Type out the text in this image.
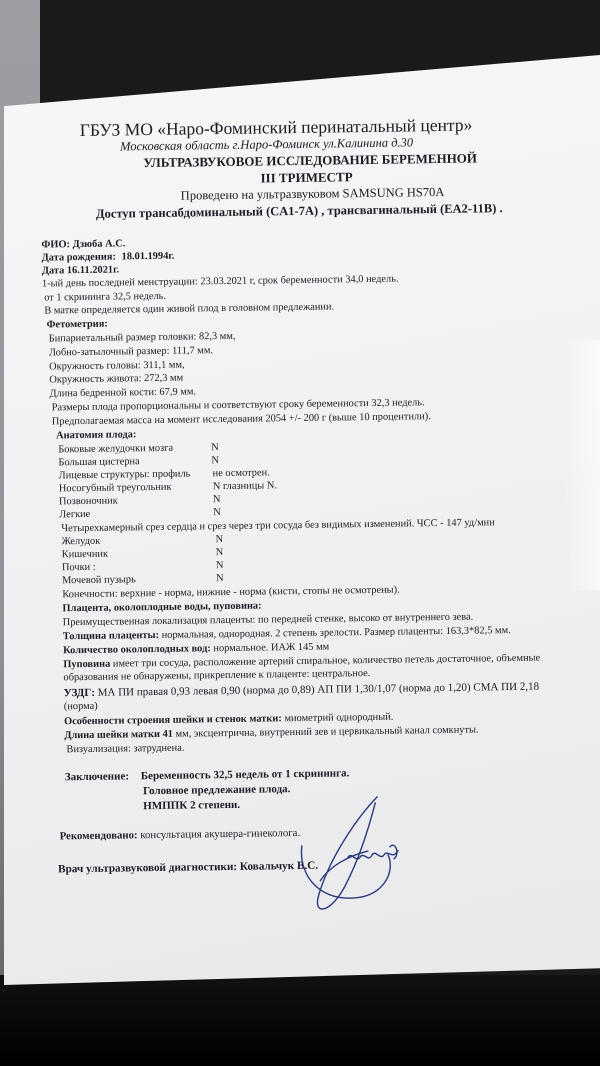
ГБУЗ МО «Наро-Фоминский перинатальный центр»
Московская область г.Наро-Фоминск ул.Калинина д.30
УЛЬТРАЗВУКОВОЕ ИССЛЕДОВАНИЕ БЕРЕМЕННОЙ
III ТРИМЕСТР
Проведено на ультразвуковом SAMSUNG HS70A
Доступ трансабдоминальный (CA1-7A) , трансвагинальный (EA2-11B) .
ФИО: Дзюба А.С.
Дата рождения: 18.01.1994г.
Дата 16.11.2021г.
1-ый день последней менструации: 23.03.2021 г, срок беременности 34,0 недель.
от 1 скрининга 32,5 недель.
В матке определяется один живой плод в головном предлежании.
Фетометрия:
Бипариетальный размер головки: 82,3 мм,
Лобно-затылочный размер: 111,7 мм.
Окружность головы: 311,1 мм,
Окружность живота: 272,3 мм
Длина бедренной кости: 67,9 мм.
Размеры плода пропорциональны и соответствуют сроку беременности 32,3 недель.
Предполагаемая масса на момент исследования 2054 +/- 200 г (выше 10 процентили).
Анатомия плода:
Боковые желудочки мозга	N
Большая цистерна	N
Лицевые структуры: профиль не осмотрен.
Носогубный треугольник	N глазницы N.
Позвоночник	N
Легкие	N
Четырехкамерный срез сердца и срез через три сосуда без видимых изменений. ЧСС - 147 уд/мин
Желудок	N
Кишечник	N
Почки :	N
Мочевой пузырь	N
Конечности: верхние - норма, нижние - норма (кисти, стопы не осмотрены).
Плацента, околоплодные воды, пуповина:
Преимущественная локализация плаценты: по передней стенке, высоко от внутреннего зева.
Толщина плаценты: нормальная, однородная. 2 степень зрелости. Размер плаценты: 163,3*82,5 мм.
Количество околоплодных вод: нормальное. ИАЖ 145 мм
Пуповина имеет три сосуда, расположение артерий спиральное, количество петель достаточное, объемные
образования не обнаружены, прикрепление к плаценте: центральное.
УЗДГ: МА ПИ правая 0,93 левая 0,90 (норма до 0,89) АП ПИ 1,30/1,07 (норма до 1,20) СМА ПИ 2,18
(норма)
Особенности строения шейки и стенок матки: миометрий однородный.
Длина шейки матки 41 мм, эксцентрична, внутренний зев и цервикальный канал сомкнуты.
Визуализация: затруднена.
Заключение: Беременность 32,5 недель от 1 скрининга.
Головное предлежание плода.
НМППК 2 степени.
Рекомендовано: консультация акушера-гинеколога.
Врач ультразвуковой диагностики: Ковальчук В.С.
